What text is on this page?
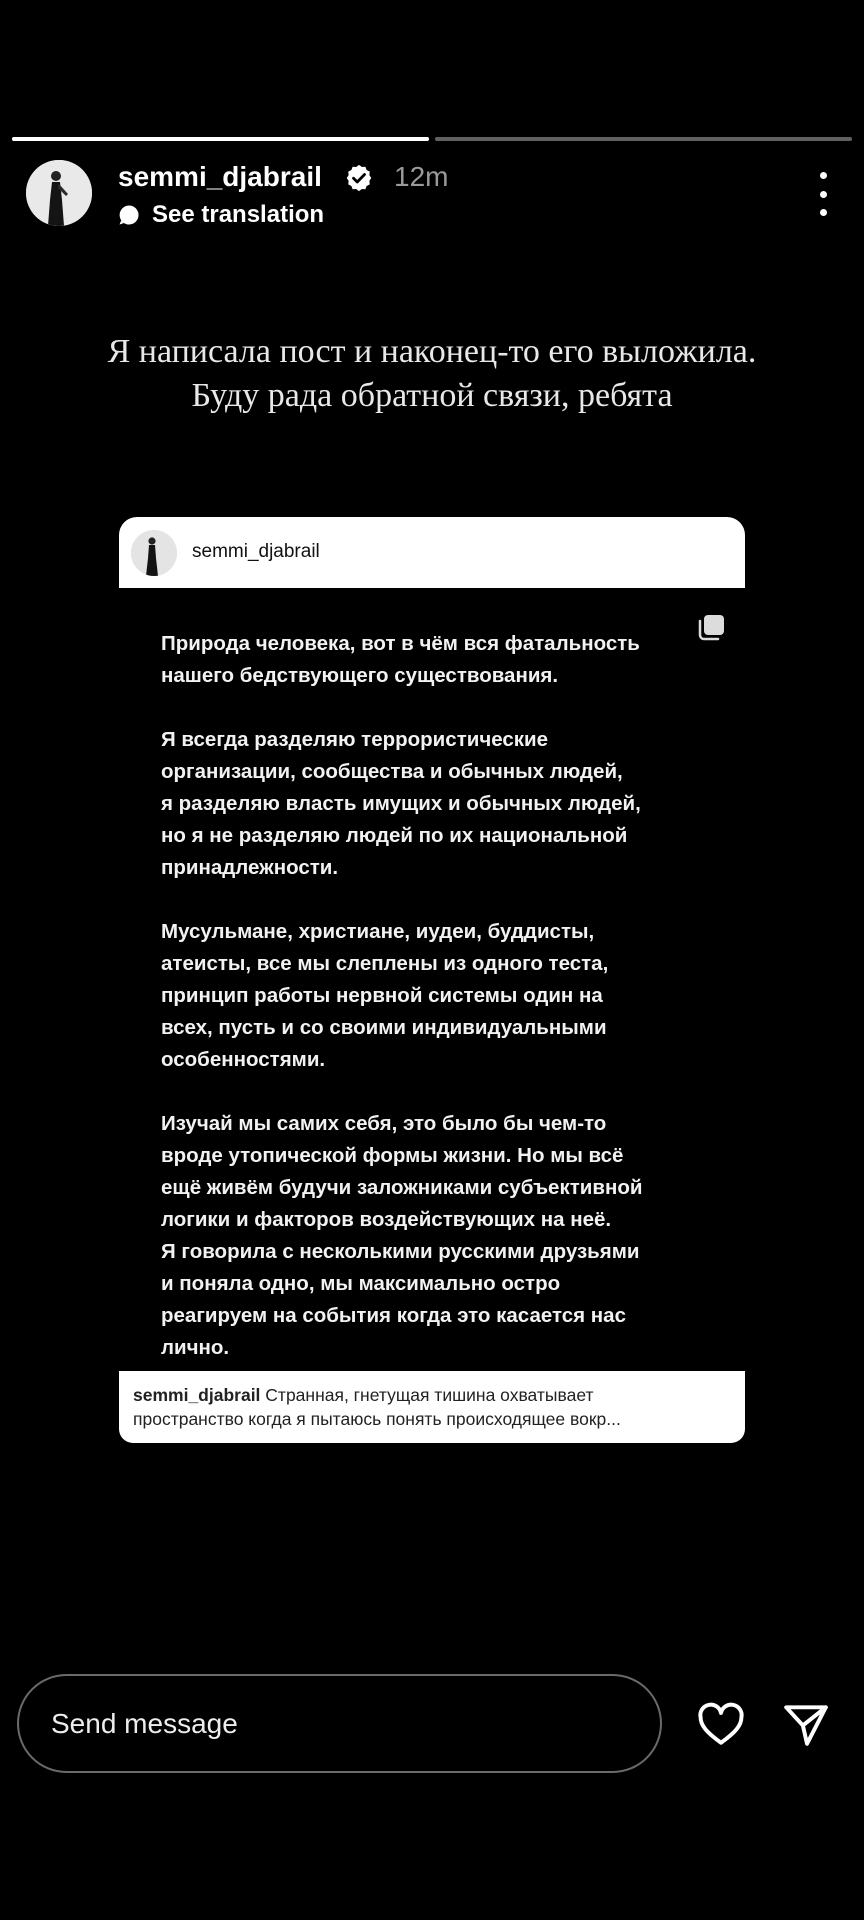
semmi_djabrail	12m
See translation
Я написала пост и наконец-то его выложила.
Буду рада обратной связи, ребята
semmi_djabrail

Природа человека, вот в чём вся фатальность
нашего бедствующего существования.

Я всегда разделяю террористические
организации, сообщества и обычных людей,
я разделяю власть имущих и обычных людей,
но я не разделяю людей по их национальной
принадлежности.

Мусульмане, христиане, иудеи, буддисты,
атеисты, все мы слеплены из одного теста,
принцип работы нервной системы один на
всех, пусть и со своими индивидуальными
особенностями.

Изучай мы самих себя, это было бы чем-то
вроде утопической формы жизни. Но мы всё
ещё живём будучи заложниками субъективной
логики и факторов воздействующих на неё.
Я говорила с несколькими русскими друзьями
и поняла одно, мы максимально остро
реагируем на события когда это касается нас
лично.

semmi_djabrail Странная, гнетущая тишина охватывает
пространство когда я пытаюсь понять происходящее вокр...
Send message
